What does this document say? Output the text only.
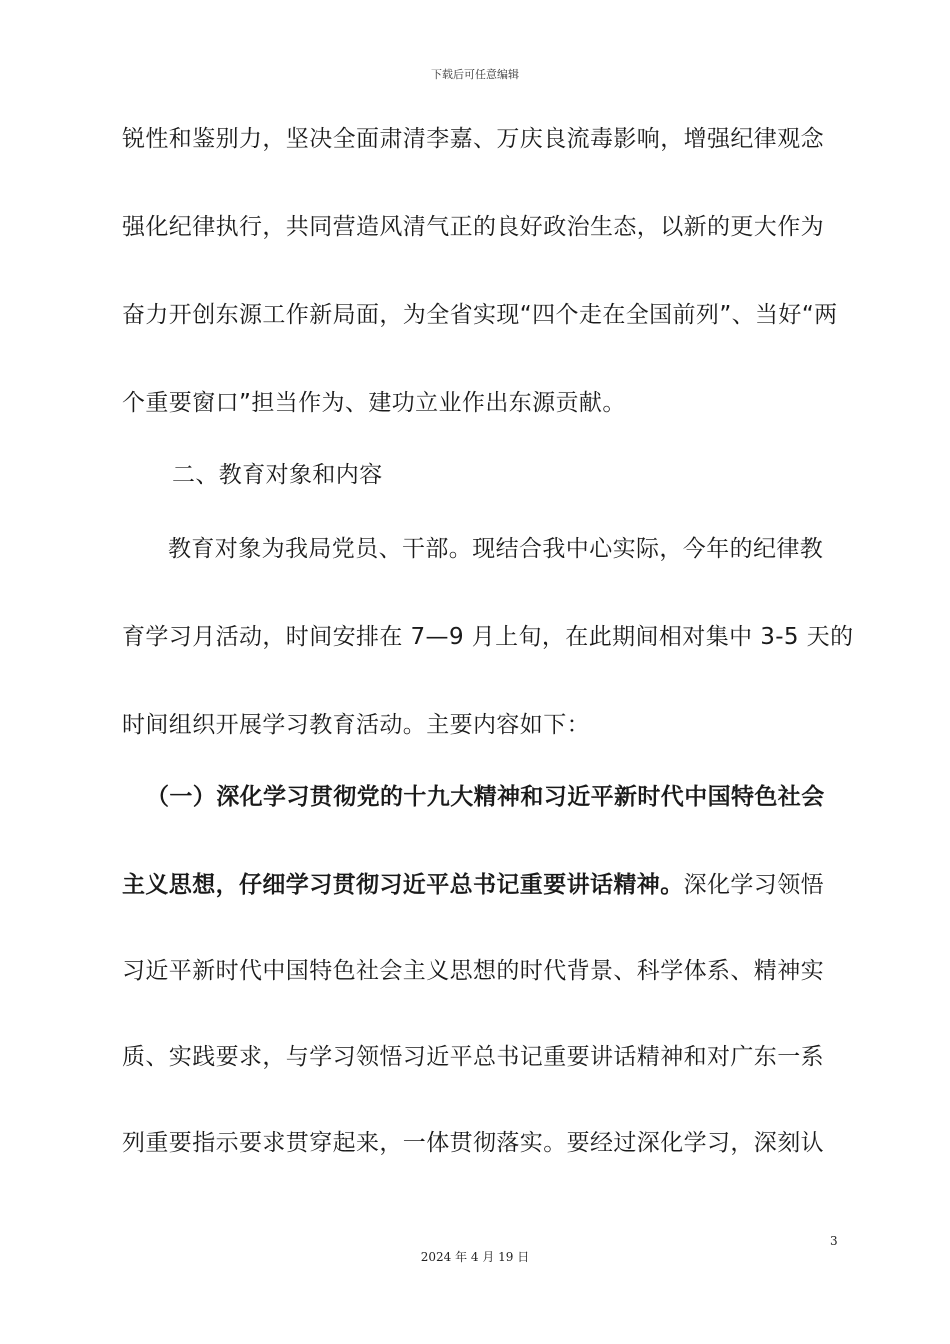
下载后可任意编辑
锐性和鉴别力，坚决全面肃清李嘉、万庆良流毒影响，增强纪律观念
强化纪律执行，共同营造风清气正的良好政治生态，以新的更大作为
奋力开创东源工作新局面，为全省实现“四个走在全国前列”、当好“两
个重要窗口”担当作为、建功立业作出东源贡献。
二、教育对象和内容
教育对象为我局党员、干部。现结合我中心实际，今年的纪律教
育学习月活动，时间安排在 7—9 月上旬，在此期间相对集中 3-5 天的
时间组织开展学习教育活动。主要内容如下：
（一）深化学习贯彻党的十九大精神和习近平新时代中国特色社会
主义思想，仔细学习贯彻习近平总书记重要讲话精神。深化学习领悟
习近平新时代中国特色社会主义思想的时代背景、科学体系、精神实
质、实践要求，与学习领悟习近平总书记重要讲话精神和对广东一系
列重要指示要求贯穿起来，一体贯彻落实。要经过深化学习，深刻认
3
2024 年 4 月 19 日
